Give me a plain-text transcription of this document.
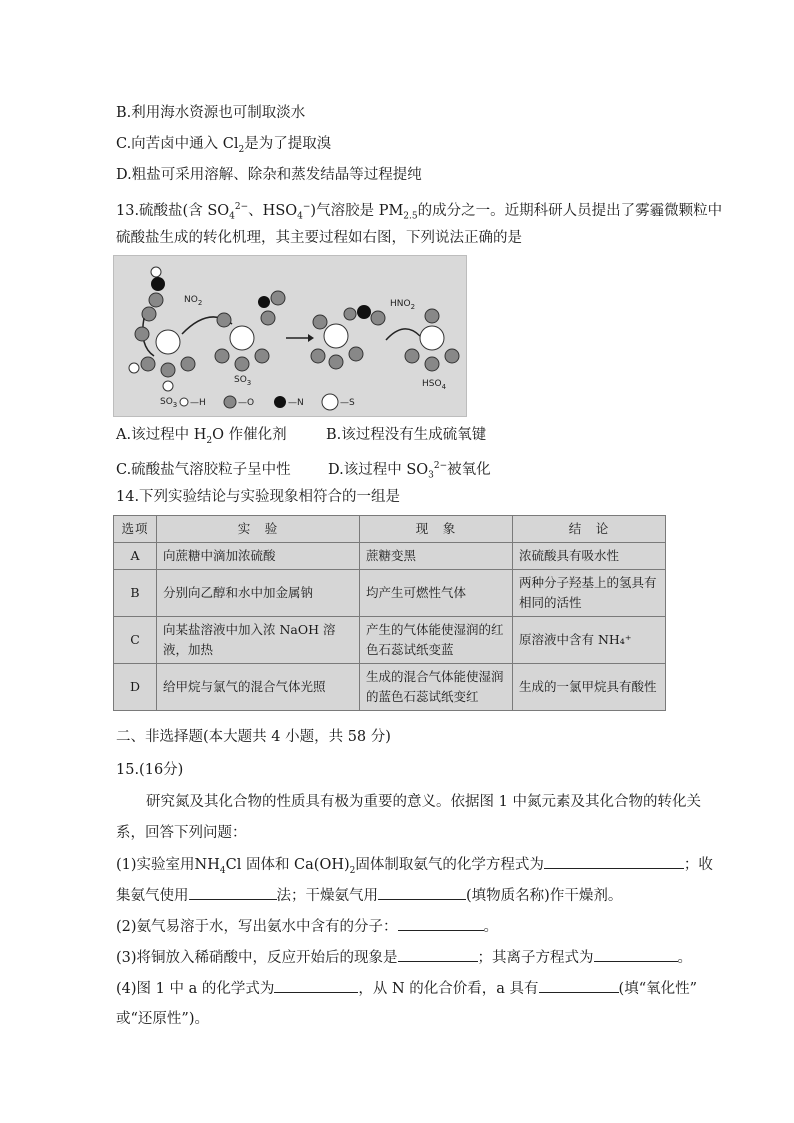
B.利用海水资源也可制取淡水
C.向苦卤中通入 $Cl_2$是为了提取溴
D.粗盐可采用溶解、除杂和蒸发结晶等过程提纯
13.硫酸盐(含 $SO_4^{2-}$、$HSO_4^-$)气溶胶是 $PM_{2.5}$的成分之一。近期科研人员提出了雾霾微颗粒中
硫酸盐生成的转化机理，其主要过程如右图，下列说法正确的是
$SO_3$
$NO_2$
$SO_3$
$HNO_2$
$HSO_4$
—H	—O	—N	—S
A.该过程中 $H_2O$ 作催化剂	B.该过程没有生成硫氧键
C.硫酸盐气溶胶粒子呈中性	D.该过程中 $SO_3^{2-}$被氧化
14.下列实验结论与实验现象相符合的一组是
选项	实　验	现　象	结　论
A	向蔗糖中滴加浓硫酸	蔗糖变黑	浓硫酸具有吸水性
B	分别向乙醇和水中加金属钠	均产生可燃性气体	两种分子羟基上的氢具有相同的活性
C	向某盐溶液中加入浓 NaOH 溶液，加热	产生的气体能使湿润的红色石蕊试纸变蓝	原溶液中含有 NH₄⁺
D	给甲烷与氯气的混合气体光照	生成的混合气体能使湿润的蓝色石蕊试纸变红	生成的一氯甲烷具有酸性
二、非选择题(本大题共 4 小题，共 58 分)
15.(16分)
研究氮及其化合物的性质具有极为重要的意义。依据图 1 中氮元素及其化合物的转化关
系，回答下列问题：
(1)实验室用$NH_4Cl$ 固体和 $Ca(OH)_2$固体制取氨气的化学方程式为	；收
集氨气使用	法；干燥氨气用	(填物质名称)作干燥剂。
(2)氨气易溶于水，写出氨水中含有的分子：	。
(3)将铜放入稀硝酸中，反应开始后的现象是	；其离子方程式为	。
(4)图 1 中 a 的化学式为	，从 N 的化合价看，a 具有	(填“氧化性”
或“还原性”)。
